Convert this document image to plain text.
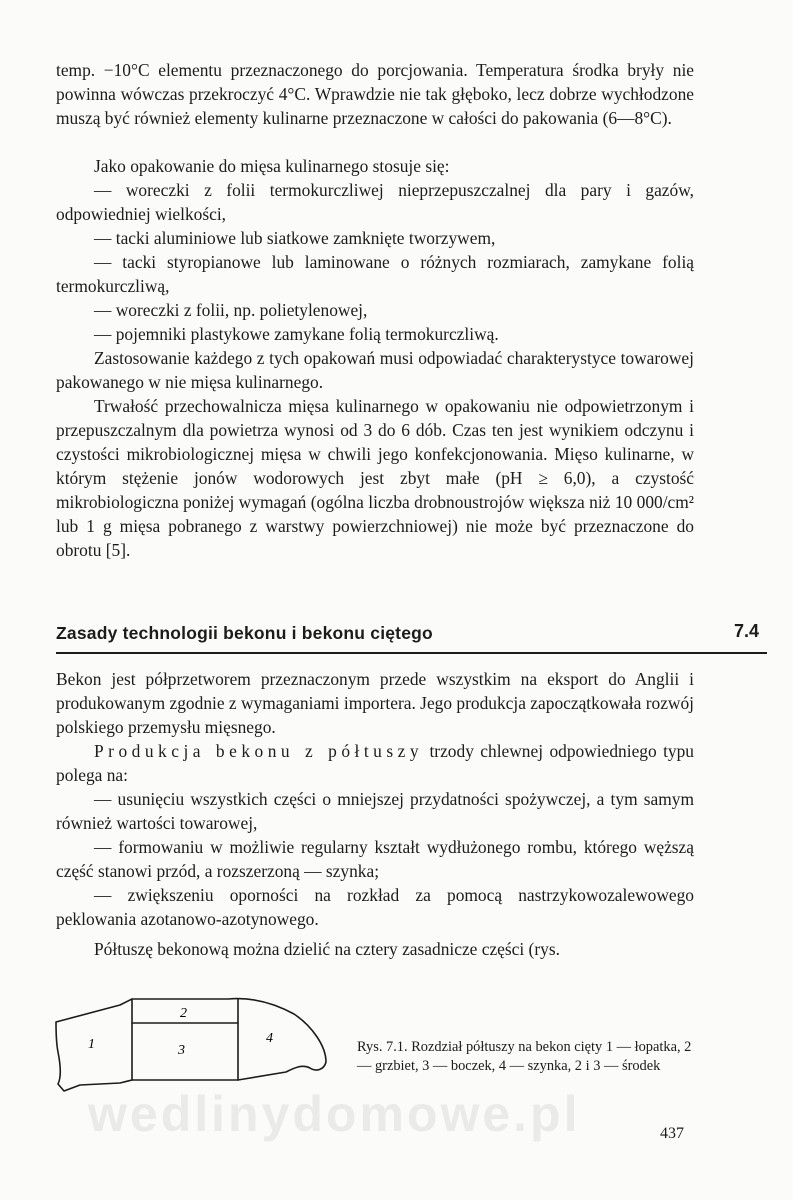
temp. −10°C elementu przeznaczonego do porcjowania. Temperatura środka bryły nie powinna wówczas przekroczyć 4°C. Wprawdzie nie tak głęboko, lecz dobrze wychłodzone muszą być również elementy kulinarne przeznaczone w całości do pakowania (6—8°C).

Jako opakowanie do mięsa kulinarnego stosuje się:

— woreczki z folii termokurczliwej nieprzepuszczalnej dla pary i gazów, odpowiedniej wielkości,

— tacki aluminiowe lub siatkowe zamknięte tworzywem,

— tacki styropianowe lub laminowane o różnych rozmiarach, zamykane folią termokurczliwą,

— woreczki z folii, np. polietylenowej,

— pojemniki plastykowe zamykane folią termokurczliwą.

Zastosowanie każdego z tych opakowań musi odpowiadać charakterystyce towarowej pakowanego w nie mięsa kulinarnego.

Trwałość przechowalnicza mięsa kulinarnego w opakowaniu nie odpowietrzonym i przepuszczalnym dla powietrza wynosi od 3 do 6 dób. Czas ten jest wynikiem odczynu i czystości mikrobiologicznej mięsa w chwili jego konfekcjonowania. Mięso kulinarne, w którym stężenie jonów wodorowych jest zbyt małe (pH ≥ 6,0), a czystość mikrobiologiczna poniżej wymagań (ogólna liczba drobnoustrojów większa niż 10 000/cm² lub 1 g mięsa pobranego z warstwy powierzchniowej) nie może być przeznaczone do obrotu [5].

Zasady technologii bekonu i bekonu ciętego	7.4

Bekon jest półprzetworem przeznaczonym przede wszystkim na eksport do Anglii i produkowanym zgodnie z wymaganiami importera. Jego produkcja zapoczątkowała rozwój polskiego przemysłu mięsnego.

Produkcja bekonu z półtuszy trzody chlewnej odpowiedniego typu polega na:

— usunięciu wszystkich części o mniejszej przydatności spożywczej, a tym samym również wartości towarowej,

— formowaniu w możliwie regularny kształt wydłużonego rombu, którego węższą część stanowi przód, a rozszerzoną — szynka;

— zwiększeniu oporności na rozkład za pomocą nastrzykowozalewowego peklowania azotanowo-azotynowego.

Półtuszę bekonową można dzielić na cztery zasadnicze części (rys.

1
2
3
4

Rys. 7.1. Rozdział półtuszy na bekon cięty 1 — łopatka, 2 — grzbiet, 3 — boczek, 4 — szynka, 2 i 3 — środek

wedlinydomowe.pl	437
